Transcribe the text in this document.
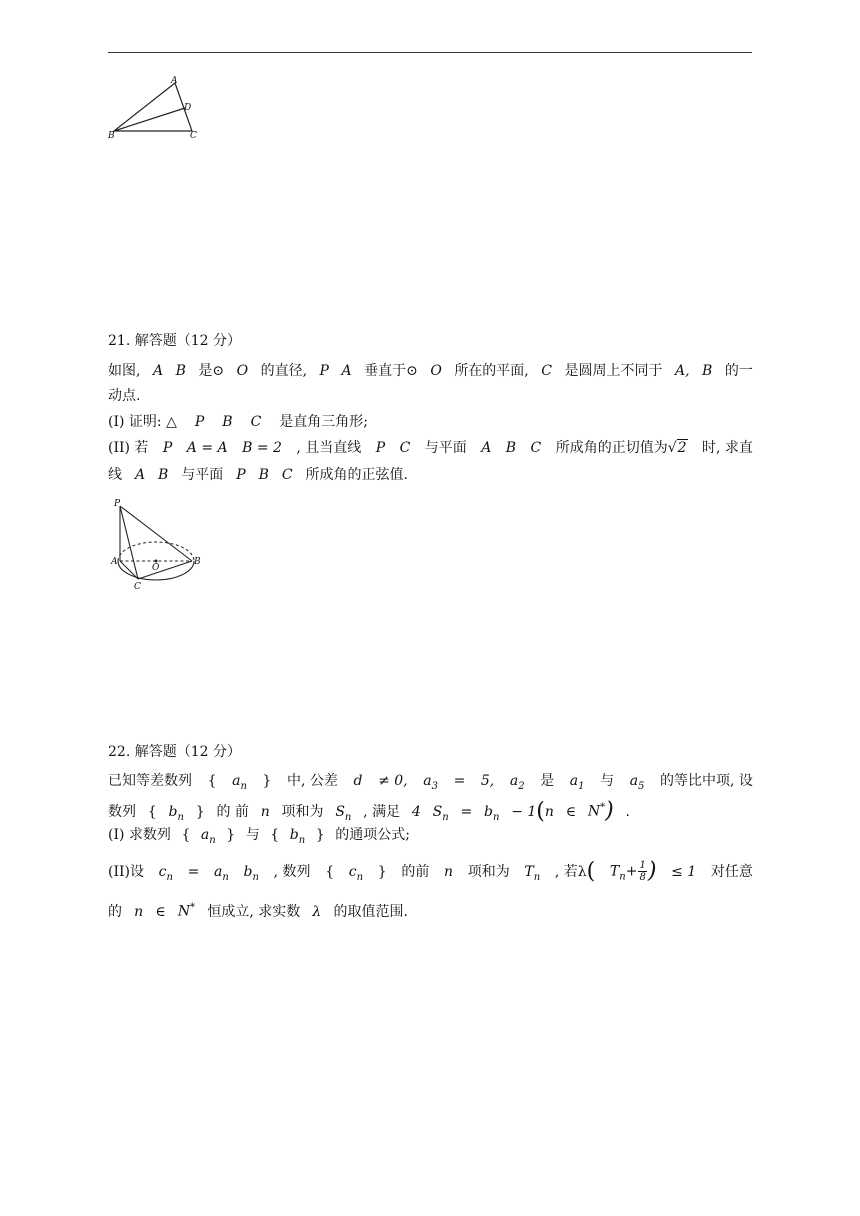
A
D
B	C
21. 解答题（12 分）
如图, A B 是⊙ O 的直径, P A 垂直于⊙ O 所在的平面, C 是圆周上不同于 A, B 的一
动点.
(I) 证明: △ P B C 是直角三角形;
(II) 若 P A = A B = 2 , 且当直线 P C 与平面 A B C 所成角的正切值为√2 时, 求直
线 A B 与平面 P B C 所成角的正弦值.
P
A
O
B
C
22. 解答题（12 分）
已知等差数列 { $a_n$ } 中, 公差 d ≠ 0, $a_3 = 5$, $a_2$ 是 $a_1$ 与 $a_5$ 的等比中项, 设
数列 { $b_n$ } 的 前 n 项和为 $S_n$ , 满足 4 $S_n = b_n - 1(n$ ∈ N*) .
(I) 求数列 { $a_n$ } 与 { $b_n$ } 的通项公式;
(II)设 $c_n = a_n$ $b_n$ , 数列 { $c_n$ } 的前 n 项和为 $T_n$ , 若λ( $T_n+ \frac{1}{8}$ ) ≤ 1 对任意
的 n ∈ N* 恒成立, 求实数 λ 的取值范围.
